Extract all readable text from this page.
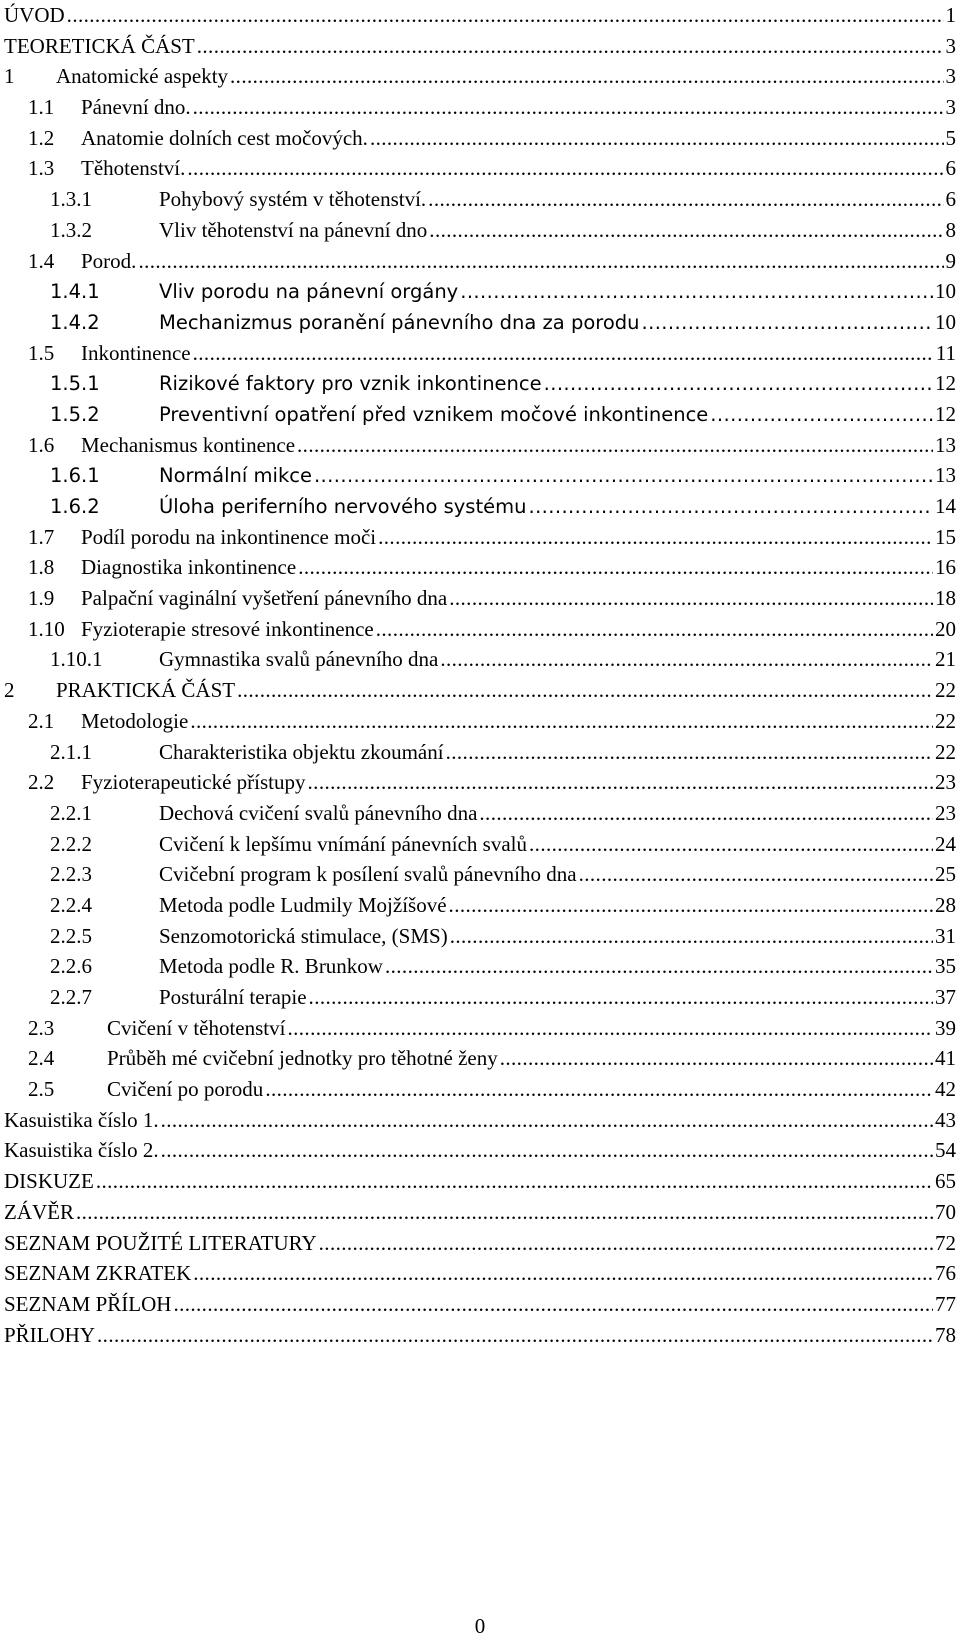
ÚVOD .....	1
TEORETICKÁ ČÁST .....	3
1	Anatomické aspekty .....	3
1.1	Pánevní dno. .....	3
1.2	Anatomie dolních cest močových. .....	5
1.3	Těhotenství. .....	6
1.3.1	Pohybový systém v těhotenství. .....	6
1.3.2	Vliv těhotenství na pánevní dno .....	8
1.4	Porod. .....	9
1.4.1	Vliv porodu na pánevní orgány .....	10
1.4.2	Mechanizmus poranění pánevního dna za porodu .....	10
1.5	Inkontinence .....	11
1.5.1	Rizikové faktory pro vznik inkontinence .....	12
1.5.2	Preventivní opatření před vznikem močové inkontinence .....	12
1.6	Mechanismus kontinence .....	13
1.6.1	Normální mikce .....	13
1.6.2	Úloha periferního nervového systému .....	14
1.7	Podíl porodu na inkontinence moči .....	15
1.8	Diagnostika inkontinence .....	16
1.9	Palpační vaginální vyšetření pánevního dna .....	18
1.10 Fyzioterapie stresové inkontinence .....	20
1.10.1	Gymnastika svalů pánevního dna .....	21
2	PRAKTICKÁ ČÁST .....	22
2.1	Metodologie .....	22
2.1.1	Charakteristika objektu zkoumání .....	22
2.2	Fyzioterapeutické přístupy .....	23
2.2.1	Dechová cvičení svalů pánevního dna .....	23
2.2.2	Cvičení k lepšímu vnímání pánevních svalů .....	24
2.2.3	Cvičební program k posílení svalů pánevního dna .....	25
2.2.4	Metoda podle Ludmily Mojžíšové .....	28
2.2.5	Senzomotorická stimulace, (SMS) .....	31
2.2.6	Metoda podle R. Brunkow .....	35
2.2.7	Posturální terapie .....	37
2.3	Cvičení v těhotenství .....	39
2.4	Průběh mé cvičební jednotky pro těhotné ženy .....	41
2.5	Cvičení po porodu .....	42
Kasuistika číslo 1. .....	43
Kasuistika číslo 2. .....	54
DISKUZE .....	65
ZÁVĚR .....	70
SEZNAM POUŽITÉ LITERATURY .....	72
SEZNAM ZKRATEK .....	76
SEZNAM PŘÍLOH .....	77
PŘILOHY .....	78
0
